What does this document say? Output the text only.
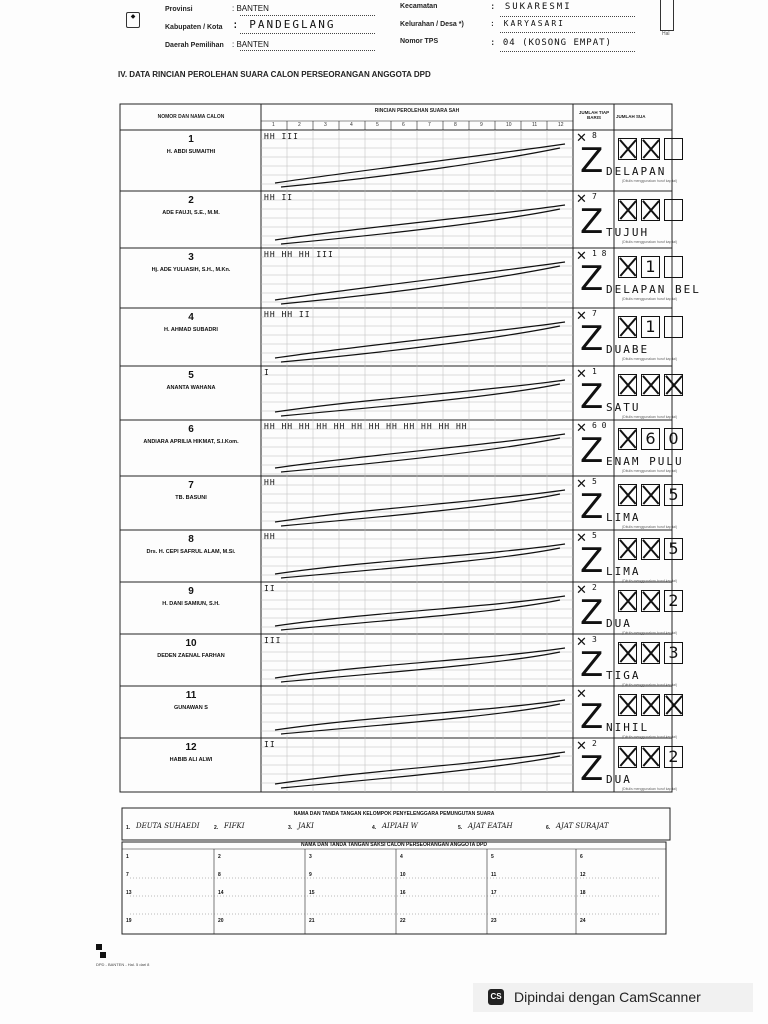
◆
Provinsi	: BANTEN
Kabupaten / Kota : PANDEGLANG
Daerah Pemilihan : BANTEN
Kecamatan	: SUKARESMI
Kelurahan / Desa *)	: KARYASARI
Nomor TPS	: 04 (KOSONG EMPAT)
Hal
IV. DATA RINCIAN PEROLEHAN SUARA CALON PERSEORANGAN ANGGOTA DPD
NOMOR DAN NAMA CALON
RINCIAN PEROLEHAN SUARA SAH	JUMLAH TIAP BARIS	JUMLAH SUA
1	2	3	4	5	6	7	8	9	10	11	12
1
H. ABDI SUMAITHI
HH III	✕ 8
Z DELAPAN
(Ditulis menggunakan huruf kapital)
2
ADE FAUJI, S.E., M.M.
HH II	✕ 7
Z TUJUH
(Ditulis menggunakan huruf kapital)
3
Hj. ADE YULIASIH, S.H., M.Kn.
HH HH HH III	✕ 1 8
Z	1
DELAPAN BEL
(Ditulis menggunakan huruf kapital)
4
H. AHMAD SUBADRI
HH HH II	✕ 7
Z	1
DUABE
(Ditulis menggunakan huruf kapital)
5
ANANTA WAHANA
I	✕ 1
Z SATU
(Ditulis menggunakan huruf kapital)
6
ANDIARA APRILIA HIKMAT, S.I.Kom.
HH HH HH HH HH HH HH HH HH HH HH HH	✕ 6 0
Z	6 0
ENAM PULU
(Ditulis menggunakan huruf kapital)
7
TB. BASUNI
HH	✕ 5
Z	5
LIMA
(Ditulis menggunakan huruf kapital)
8
Drs. H. CEPI SAFRUL ALAM, M.Si.
HH	✕ 5
Z	5
LIMA
(Ditulis menggunakan huruf kapital)
9
H. DANI SAMIUN, S.H.
II	✕ 2
Z	2
DUA
(Ditulis menggunakan huruf kapital)
10
DEDEN ZAENAL FARHAN
III	✕ 3
Z	3
TIGA
(Ditulis menggunakan huruf kapital)
11
GUNAWAN S
✕
Z NIHIL
(Ditulis menggunakan huruf kapital)
12
HABIB ALI ALWI
II	✕ 2
Z	2
DUA
(Ditulis menggunakan huruf kapital)
NAMA DAN TANDA TANGAN KELOMPOK PENYELENGGARA PEMUNGUTAN SUARA
1. DEUTA SUHAEDI	2. FIFKI	3. JAKI	4. AIPIAH W	5. AJAT EATAH	6. AJAT SURAJAT
NAMA DAN TANDA TANGAN SAKSI CALON PERSEORANGAN ANGGOTA DPD
1	2	3	4	5	6
7	8	9	10	11	12
13	14	15	16	17	18
19	20	21	22	23	24
DPD - BANTEN - Hal. 5 dari 8
CS Dipindai dengan CamScanner
